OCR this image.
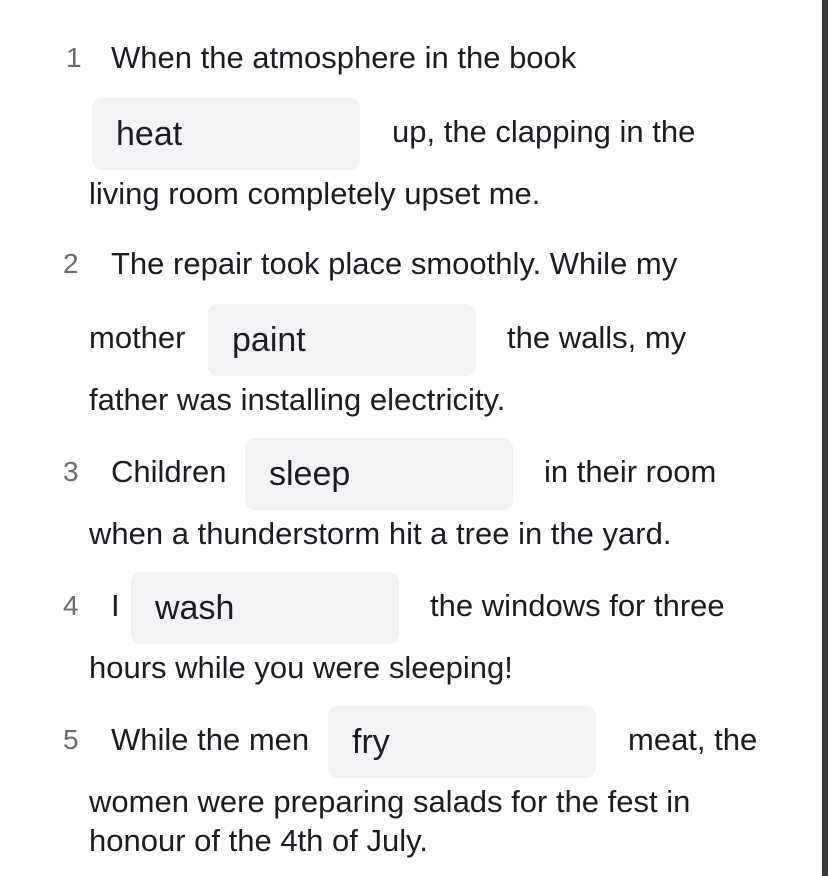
1 When the atmosphere in the book
heat	up, the clapping in the
living room completely upset me.
2 The repair took place smoothly. While my
mother	paint	the walls, my
father was installing electricity.
3 Children	sleep	in their room
when a thunderstorm hit a tree in the yard.
4 I	wash	the windows for three
hours while you were sleeping!
5 While the men	fry	meat, the
women were preparing salads for the fest in
honour of the 4th of July.
